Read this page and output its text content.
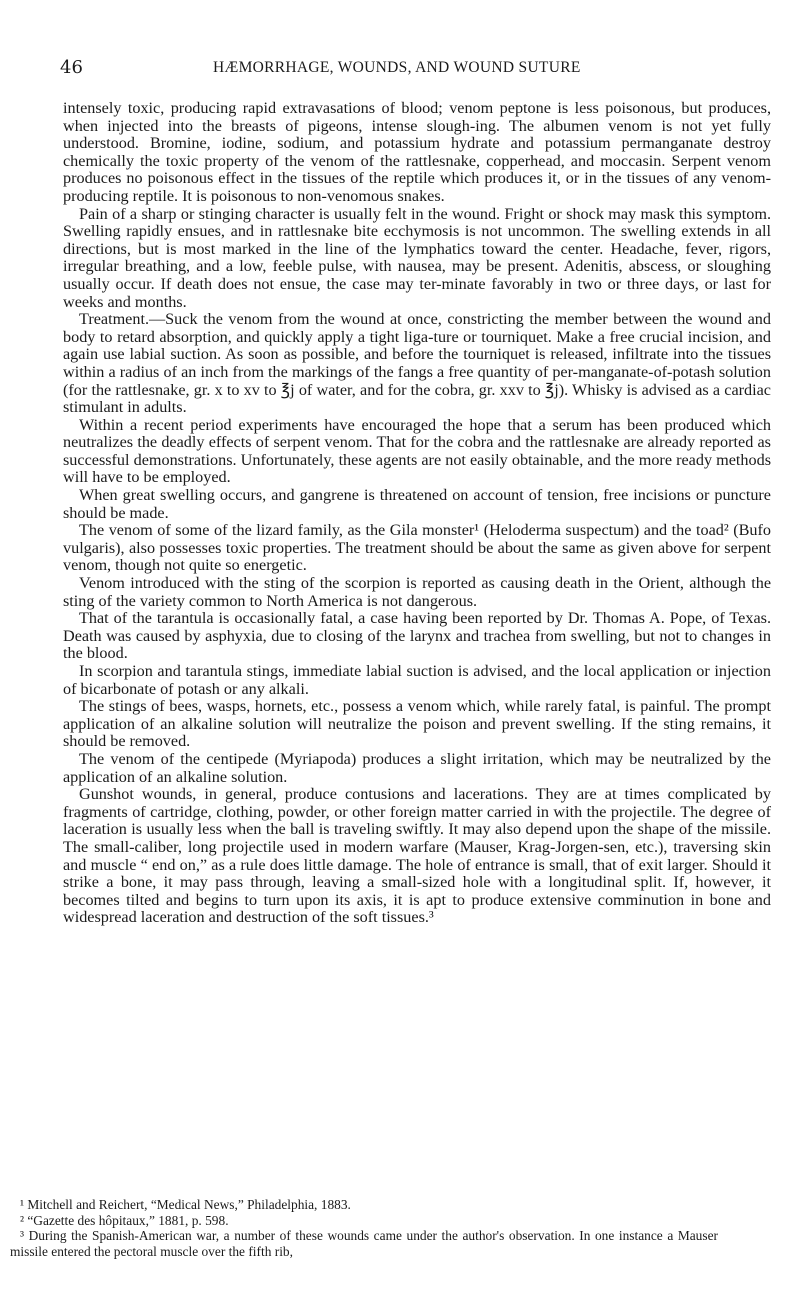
46	HÆMORRHAGE, WOUNDS, AND WOUND SUTURE

intensely toxic, producing rapid extravasations of blood; venom peptone is less poisonous, but produces, when injected into the breasts of pigeons, intense slough-ing. The albumen venom is not yet fully understood. Bromine, iodine, sodium, and potassium hydrate and potassium permanganate destroy chemically the toxic property of the venom of the rattlesnake, copperhead, and moccasin. Serpent venom produces no poisonous effect in the tissues of the reptile which produces it, or in the tissues of any venom-producing reptile. It is poisonous to non-venomous snakes.

Pain of a sharp or stinging character is usually felt in the wound. Fright or shock may mask this symptom. Swelling rapidly ensues, and in rattlesnake bite ecchymosis is not uncommon. The swelling extends in all directions, but is most marked in the line of the lymphatics toward the center. Headache, fever, rigors, irregular breathing, and a low, feeble pulse, with nausea, may be present. Adenitis, abscess, or sloughing usually occur. If death does not ensue, the case may ter-minate favorably in two or three days, or last for weeks and months.

Treatment.—Suck the venom from the wound at once, constricting the member between the wound and body to retard absorption, and quickly apply a tight liga-ture or tourniquet. Make a free crucial incision, and again use labial suction. As soon as possible, and before the tourniquet is released, infiltrate into the tissues within a radius of an inch from the markings of the fangs a free quantity of per-manganate-of-potash solution (for the rattlesnake, gr. x to xv to ℥j of water, and for the cobra, gr. xxv to ℥j). Whisky is advised as a cardiac stimulant in adults.

Within a recent period experiments have encouraged the hope that a serum has been produced which neutralizes the deadly effects of serpent venom. That for the cobra and the rattlesnake are already reported as successful demonstrations. Unfortunately, these agents are not easily obtainable, and the more ready methods will have to be employed.

When great swelling occurs, and gangrene is threatened on account of tension, free incisions or puncture should be made.

The venom of some of the lizard family, as the Gila monster¹ (Heloderma suspectum) and the toad² (Bufo vulgaris), also possesses toxic properties. The treatment should be about the same as given above for serpent venom, though not quite so energetic.

Venom introduced with the sting of the scorpion is reported as causing death in the Orient, although the sting of the variety common to North America is not dangerous.

That of the tarantula is occasionally fatal, a case having been reported by Dr. Thomas A. Pope, of Texas. Death was caused by asphyxia, due to closing of the larynx and trachea from swelling, but not to changes in the blood.

In scorpion and tarantula stings, immediate labial suction is advised, and the local application or injection of bicarbonate of potash or any alkali.

The stings of bees, wasps, hornets, etc., possess a venom which, while rarely fatal, is painful. The prompt application of an alkaline solution will neutralize the poison and prevent swelling. If the sting remains, it should be removed.

The venom of the centipede (Myriapoda) produces a slight irritation, which may be neutralized by the application of an alkaline solution.

Gunshot wounds, in general, produce contusions and lacerations. They are at times complicated by fragments of cartridge, clothing, powder, or other foreign matter carried in with the projectile. The degree of laceration is usually less when the ball is traveling swiftly. It may also depend upon the shape of the missile. The small-caliber, long projectile used in modern warfare (Mauser, Krag-Jorgen-sen, etc.), traversing skin and muscle “ end on,” as a rule does little damage. The hole of entrance is small, that of exit larger. Should it strike a bone, it may pass through, leaving a small-sized hole with a longitudinal split. If, however, it becomes tilted and begins to turn upon its axis, it is apt to produce extensive comminution in bone and widespread laceration and destruction of the soft tissues.³

¹ Mitchell and Reichert, “Medical News,” Philadelphia, 1883.

² “Gazette des hôpitaux,” 1881, p. 598.

³ During the Spanish-American war, a number of these wounds came under the author's observation. In one instance a Mauser missile entered the pectoral muscle over the fifth rib,
